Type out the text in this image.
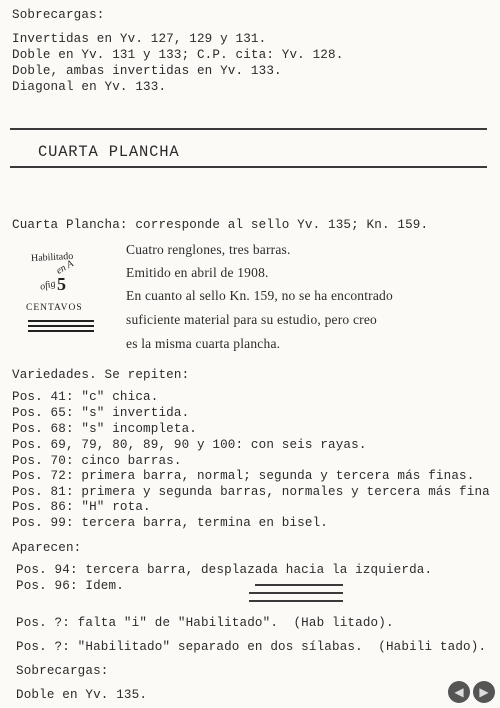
Sobrecargas:
Invertidas en Yv. 127, 129 y 131.
Doble en Yv. 131 y 133; C.P. cita: Yv. 128.
Doble, ambas invertidas en Yv. 133.
Diagonal en Yv. 133.
CUARTA PLANCHA
Cuarta Plancha: corresponde al sello Yv. 135; Kn. 159.
Habilitado
en A
ofig 5
CENTAVOS
Cuatro renglones, tres barras.
Emitido en abril de 1908.
En cuanto al sello Kn. 159, no se ha encontrado
suficiente material para su estudio, pero creo
es la misma cuarta plancha.
Variedades. Se repiten:
Pos. 41: "c" chica.
Pos. 65: "s" invertida.
Pos. 68: "s" incompleta.
Pos. 69, 79, 80, 89, 90 y 100: con seis rayas.
Pos. 70: cinco barras.
Pos. 72: primera barra, normal; segunda y tercera más finas.
Pos. 81: primera y segunda barras, normales y tercera más fina
Pos. 86: "H" rota.
Pos. 99: tercera barra, termina en bisel.
Aparecen:
Pos. 94: tercera barra, desplazada hacia la izquierda.
Pos. 96: Idem.
Pos. ?: falta "i" de "Habilitado".  (Hab litado).
Pos. ?: "Habilitado" separado en dos sílabas.  (Habili tado).
Sobrecargas:
Doble en Yv. 135.	◀ ▶
